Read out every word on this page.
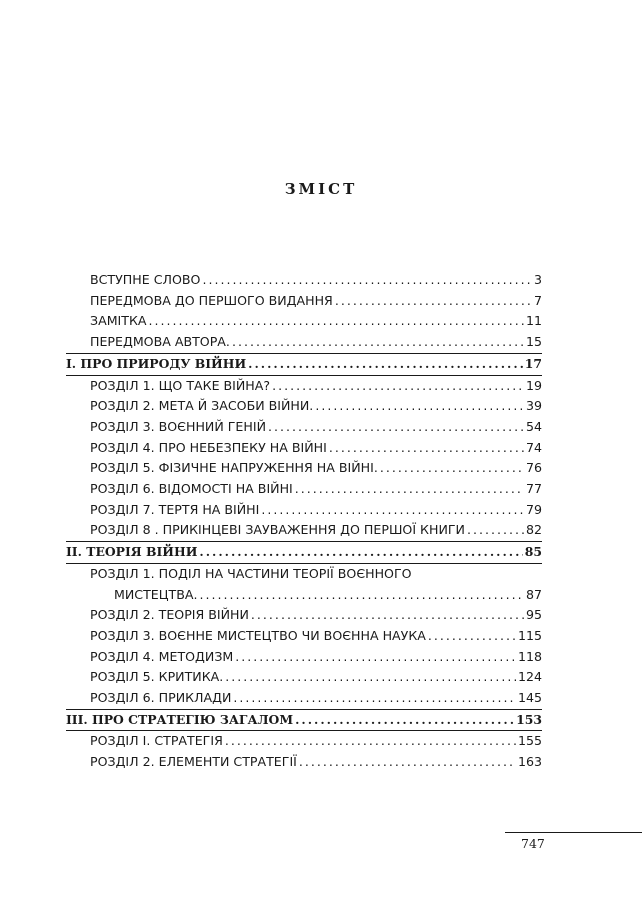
ЗМІСТ
ВСТУПНЕ СЛОВО .....	3
ПЕРЕДМОВА ДО ПЕРШОГО ВИДАННЯ .....	7
ЗАМІТКА .....	11
ПЕРЕДМОВА АВТОРА. .....	15
I. ПРО ПРИРОДУ ВІЙНИ .....	17
РОЗДІЛ 1. ЩО ТАКЕ ВІЙНА? .....	19
РОЗДІЛ 2. МЕТА Й ЗАСОБИ ВІЙНИ. .....	39
РОЗДІЛ 3. ВОЄННИЙ ГЕНІЙ .....	54
РОЗДІЛ 4. ПРО НЕБЕЗПЕКУ НА ВІЙНІ .....	74
РОЗДІЛ 5. ФІЗИЧНЕ НАПРУЖЕННЯ НА ВІЙНІ. .....	76
РОЗДІЛ 6. ВІДОМОСТІ НА ВІЙНІ .....	77
РОЗДІЛ 7. ТЕРТЯ НА ВІЙНІ .....	79
РОЗДІЛ 8 . ПРИКІНЦЕВІ ЗАУВАЖЕННЯ ДО ПЕРШОЇ КНИГИ .....	82
II. ТЕОРІЯ ВІЙНИ .....	85
РОЗДІЛ 1. ПОДІЛ НА ЧАСТИНИ ТЕОРІЇ ВОЄННОГО
МИСТЕЦТВА. .....	87
РОЗДІЛ 2. ТЕОРІЯ ВІЙНИ .....	95
РОЗДІЛ 3. ВОЄННЕ МИСТЕЦТВО ЧИ ВОЄННА НАУКА .....	115
РОЗДІЛ 4. МЕТОДИЗМ .....	118
РОЗДІЛ 5. КРИТИКА. .....	124
РОЗДІЛ 6. ПРИКЛАДИ .....	145
III. ПРО СТРАТЕГІЮ ЗАГАЛОМ .....	153
РОЗДІЛ I. СТРАТЕГІЯ .....	155
РОЗДІЛ 2. ЕЛЕМЕНТИ СТРАТЕГІЇ .....	163
747
